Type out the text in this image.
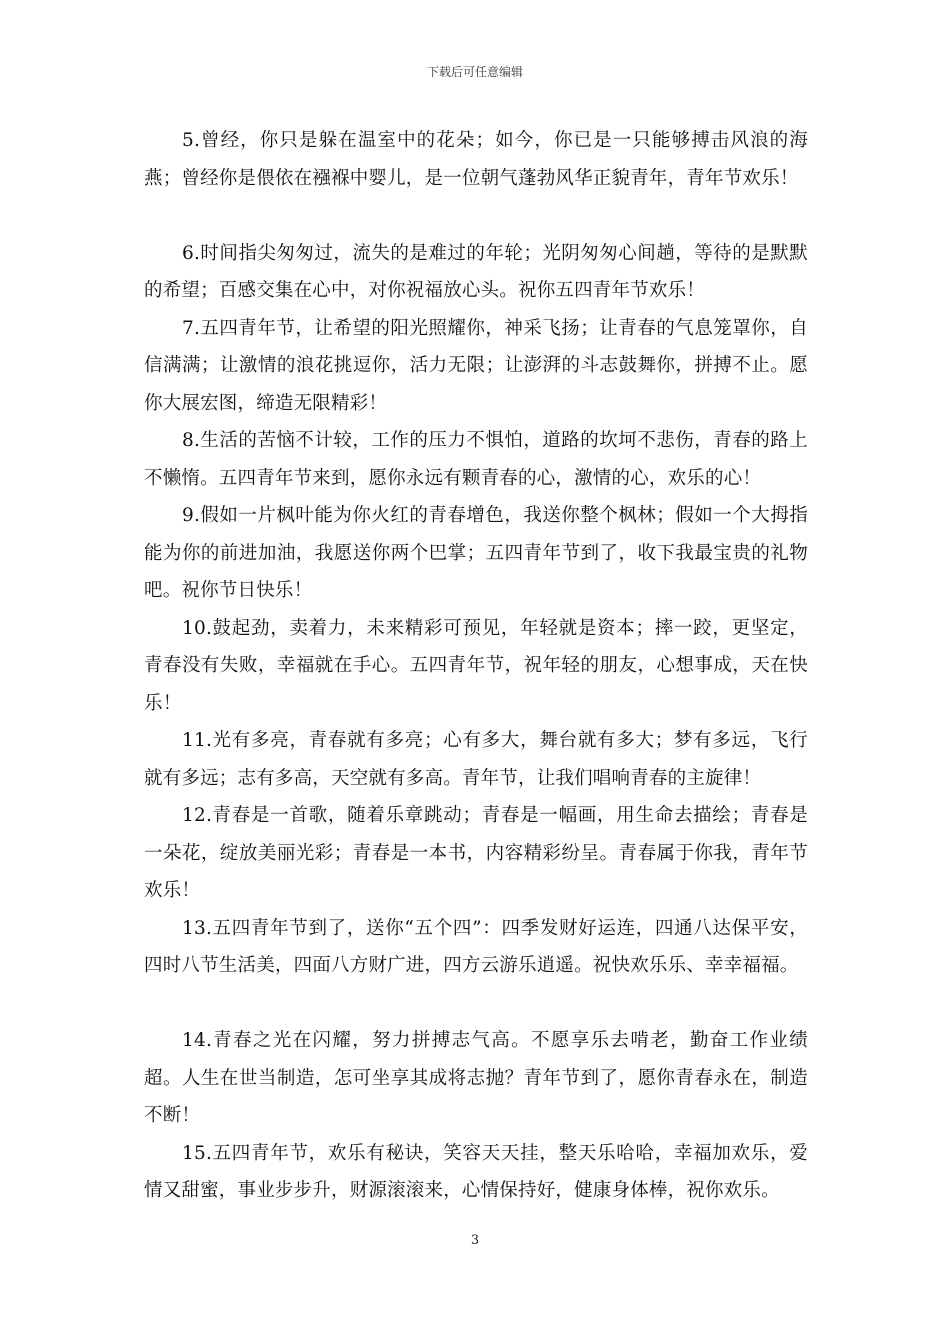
下载后可任意编辑

5.曾经，你只是躲在温室中的花朵；如今，你已是一只能够搏击风浪的海燕；曾经你是偎依在襁褓中婴儿，是一位朝气蓬勃风华正貌青年，青年节欢乐！

6.时间指尖匆匆过，流失的是难过的年轮；光阴匆匆心间趟，等待的是默默的希望；百感交集在心中，对你祝福放心头。祝你五四青年节欢乐！

7.五四青年节，让希望的阳光照耀你，神采飞扬；让青春的气息笼罩你，自信满满；让激情的浪花挑逗你，活力无限；让澎湃的斗志鼓舞你，拼搏不止。愿你大展宏图，缔造无限精彩！

8.生活的苦恼不计较，工作的压力不惧怕，道路的坎坷不悲伤，青春的路上不懒惰。五四青年节来到，愿你永远有颗青春的心，激情的心，欢乐的心！

9.假如一片枫叶能为你火红的青春增色，我送你整个枫林；假如一个大拇指能为你的前进加油，我愿送你两个巴掌；五四青年节到了，收下我最宝贵的礼物吧。祝你节日快乐！

10.鼓起劲，卖着力，未来精彩可预见，年轻就是资本；摔一跤，更坚定，青春没有失败，幸福就在手心。五四青年节，祝年轻的朋友，心想事成，天在快乐！

11.光有多亮，青春就有多亮；心有多大，舞台就有多大；梦有多远，飞行就有多远；志有多高，天空就有多高。青年节，让我们唱响青春的主旋律！

12.青春是一首歌，随着乐章跳动；青春是一幅画，用生命去描绘；青春是一朵花，绽放美丽光彩；青春是一本书，内容精彩纷呈。青春属于你我，青年节欢乐！

13.五四青年节到了，送你“五个四”：四季发财好运连，四通八达保平安，四时八节生活美，四面八方财广进，四方云游乐逍遥。祝快欢乐乐、幸幸福福。

14.青春之光在闪耀，努力拼搏志气高。不愿享乐去啃老，勤奋工作业绩超。人生在世当制造，怎可坐享其成将志抛？青年节到了，愿你青春永在，制造不断！

15.五四青年节，欢乐有秘诀，笑容天天挂，整天乐哈哈，幸福加欢乐，爱情又甜蜜，事业步步升，财源滚滚来，心情保持好，健康身体棒，祝你欢乐。

3
